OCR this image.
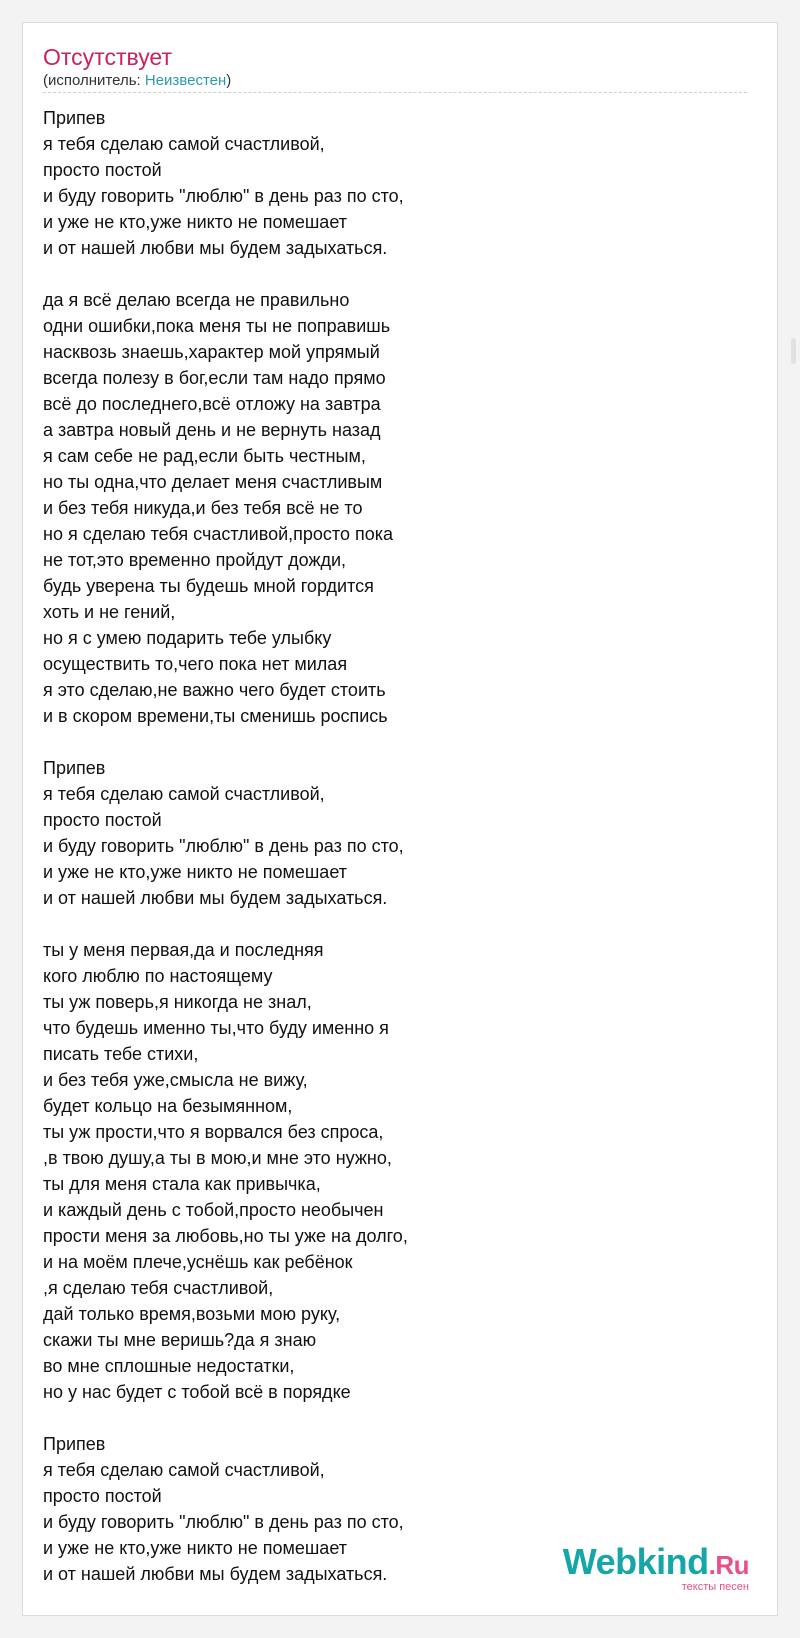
Отсутствует
(исполнитель: Неизвестен)
Припев
я тебя сделаю самой счастливой,
просто постой
и буду говорить "люблю" в день раз по сто,
и уже не кто,уже никто не помешает
и от нашей любви мы будем задыхаться.
да я всё делаю всегда не правильно
одни ошибки,пока меня ты не поправишь
насквозь знаешь,характер мой упрямый
всегда полезу в бог,если там надо прямо
всё до последнего,всё отложу на завтра
а завтра новый день и не вернуть назад
я сам себе не рад,если быть честным,
но ты одна,что делает меня счастливым
и без тебя никуда,и без тебя всё не то
но я сделаю тебя счастливой,просто пока
не тот,это временно пройдут дожди,
будь уверена ты будешь мной гордится
хоть и не гений,
но я с умею подарить тебе улыбку
осуществить то,чего пока нет милая
я это сделаю,не важно чего будет стоить
и в скором времени,ты сменишь роспись
Припев
я тебя сделаю самой счастливой,
просто постой
и буду говорить "люблю" в день раз по сто,
и уже не кто,уже никто не помешает
и от нашей любви мы будем задыхаться.
ты у меня первая,да и последняя
кого люблю по настоящему
ты уж поверь,я никогда не знал,
что будешь именно ты,что буду именно я
писать тебе стихи,
и без тебя уже,смысла не вижу,
будет кольцо на безымянном,
ты уж прости,что я ворвался без спроса,
,в твою душу,а ты в мою,и мне это нужно,
ты для меня стала как привычка,
и каждый день с тобой,просто необычен
прости меня за любовь,но ты уже на долго,
и на моём плече,уснёшь как ребёнок
,я сделаю тебя счастливой,
дай только время,возьми мою руку,
скажи ты мне веришь?да я знаю
во мне сплошные недостатки,
но у нас будет с тобой всё в порядке
Припев
я тебя сделаю самой счастливой,
просто постой
и буду говорить "люблю" в день раз по сто,
и уже не кто,уже никто не помешает
и от нашей любви мы будем задыхаться.	Webkind.Ru
тексты песен
